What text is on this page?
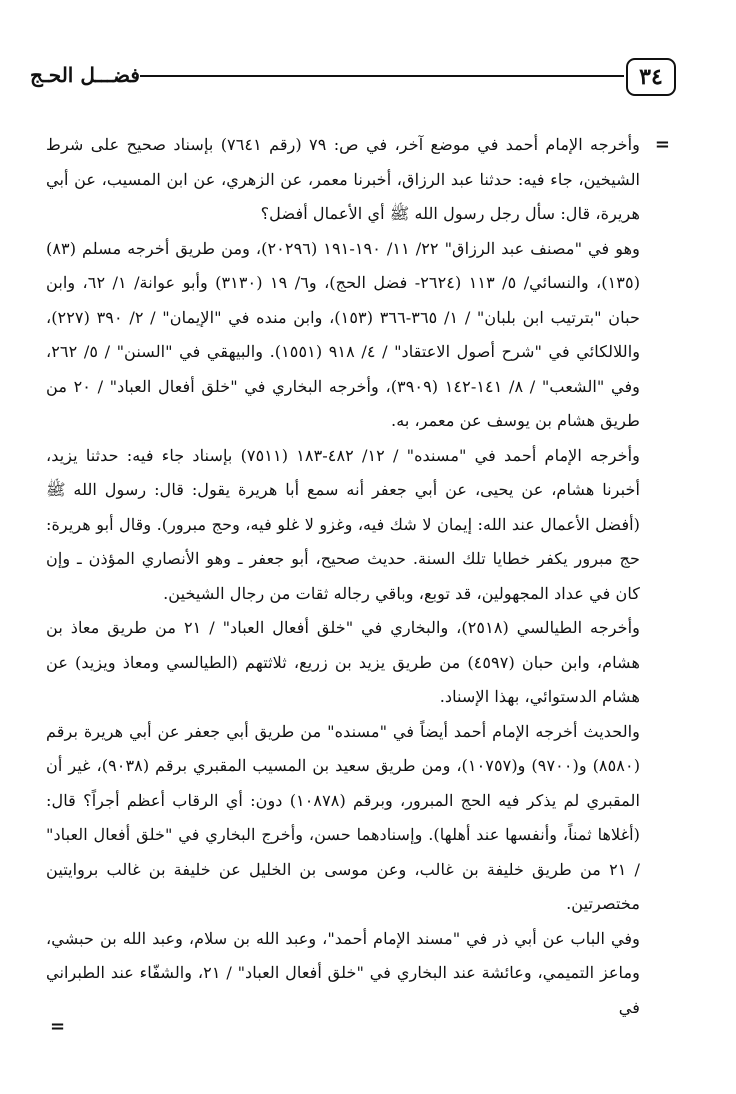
فضـــل الحـج	٣٤
=

وأخرجه الإمام أحمد في موضع آخر، في ص: ٧٩ (رقم ٧٦٤١) بإسناد صحيح على شرط الشيخين، جاء فيه: حدثنا عبد الرزاق، أخبرنا معمر، عن الزهري، عن ابن المسيب، عن أبي هريرة، قال: سأل رجل رسول الله ﷺ أي الأعمال أفضل؟

وهو في "مصنف عبد الرزاق" ٢٢/ ١١/ ١٩٠-١٩١ (٢٠٢٩٦)، ومن طريق أخرجه مسلم (٨٣) (١٣٥)، والنسائي/ ٥/ ١١٣ (٢٦٢٤- فضل الحج)، و٦/ ١٩ (٣١٣٠) وأبو عوانة/ ١/ ٦٢، وابن حبان "بترتيب ابن بلبان" / ١/ ٣٦٥-٣٦٦ (١٥٣)، وابن منده في "الإيمان" / ٢/ ٣٩٠ (٢٢٧)، واللالكائي في "شرح أصول الاعتقاد" / ٤/ ٩١٨ (١٥٥١). والبيهقي في "السنن" / ٥/ ٢٦٢، وفي "الشعب" / ٨/ ١٤١-١٤٢ (٣٩٠٩)، وأخرجه البخاري في "خلق أفعال العباد" / ٢٠ من طريق هشام بن يوسف عن معمر، به.

وأخرجه الإمام أحمد في "مسنده" / ١٢/ ٤٨٢-١٨٣ (٧٥١١) بإسناد جاء فيه: حدثنا يزيد، أخبرنا هشام، عن يحيى، عن أبي جعفر أنه سمع أبا هريرة يقول: قال: رسول الله ﷺ (أفضل الأعمال عند الله: إيمان لا شك فيه، وغزو لا غلو فيه، وحج مبرور). وقال أبو هريرة: حج مبرور يكفر خطايا تلك السنة. حديث صحيح، أبو جعفر ـ وهو الأنصاري المؤذن ـ وإن كان في عداد المجهولين، قد توبع، وباقي رجاله ثقات من رجال الشيخين.

وأخرجه الطيالسي (٢٥١٨)، والبخاري في "خلق أفعال العباد" / ٢١ من طريق معاذ بن هشام، وابن حبان (٤٥٩٧) من طريق يزيد بن زريع، ثلاثتهم (الطيالسي ومعاذ ويزيد) عن هشام الدستوائي، بهذا الإسناد.

والحديث أخرجه الإمام أحمد أيضاً في "مسنده" من طريق أبي جعفر عن أبي هريرة برقم (٨٥٨٠) و(٩٧٠٠) و(١٠٧٥٧)، ومن طريق سعيد بن المسيب المقبري برقم (٩٠٣٨)، غير أن المقبري لم يذكر فيه الحج المبرور، وبرقم (١٠٨٧٨) دون: أي الرقاب أعظم أجراً؟ قال: (أغلاها ثمناً، وأنفسها عند أهلها). وإسنادهما حسن، وأخرج البخاري في "خلق أفعال العباد" / ٢١ من طريق خليفة بن غالب، وعن موسى بن الخليل عن خليفة بن غالب بروايتين مختصرتين.

وفي الباب عن أبي ذر في "مسند الإمام أحمد"، وعبد الله بن سلام، وعبد الله بن حبشي، وماعز التميمي، وعائشة عند البخاري في "خلق أفعال العباد" / ٢١، والشفّاء عند الطبراني في

=
